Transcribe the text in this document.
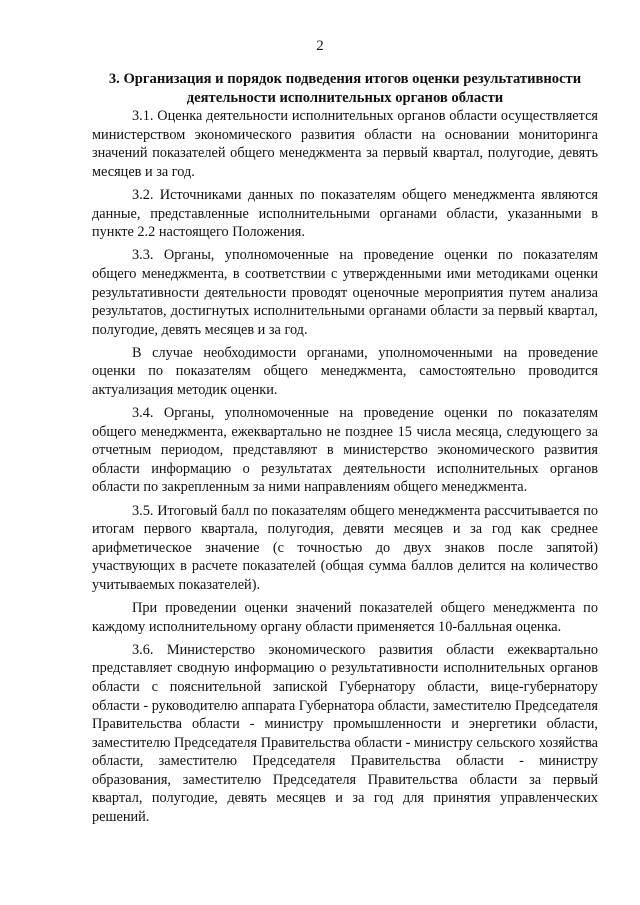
2
3. Организация и порядок подведения итогов оценки результативности деятельности исполнительных органов области

3.1. Оценка деятельности исполнительных органов области осуществляется министерством экономического развития области на основании мониторинга значений показателей общего менеджмента за первый квартал, полугодие, девять месяцев и за год.

3.2. Источниками данных по показателям общего менеджмента являются данные, представленные исполнительными органами области, указанными в пункте 2.2 настоящего Положения.

3.3. Органы, уполномоченные на проведение оценки по показателям общего менеджмента, в соответствии с утвержденными ими методиками оценки результативности деятельности проводят оценочные мероприятия путем анализа результатов, достигнутых исполнительными органами области за первый квартал, полугодие, девять месяцев и за год.

В случае необходимости органами, уполномоченными на проведение оценки по показателям общего менеджмента, самостоятельно проводится актуализация методик оценки.

3.4. Органы, уполномоченные на проведение оценки по показателям общего менеджмента, ежеквартально не позднее 15 числа месяца, следующего за отчетным периодом, представляют в министерство экономического развития области информацию о результатах деятельности исполнительных органов области по закрепленным за ними направлениям общего менеджмента.

3.5. Итоговый балл по показателям общего менеджмента рассчитывается по итогам первого квартала, полугодия, девяти месяцев и за год как среднее арифметическое значение (с точностью до двух знаков после запятой) участвующих в расчете показателей (общая сумма баллов делится на количество учитываемых показателей).

При проведении оценки значений показателей общего менеджмента по каждому исполнительному органу области применяется 10-балльная оценка.

3.6. Министерство экономического развития области ежеквартально представляет сводную информацию о результативности исполнительных органов области с пояснительной запиской Губернатору области, вице-губернатору области - руководителю аппарата Губернатора области, заместителю Председателя Правительства области - министру промышленности и энергетики области, заместителю Председателя Правительства области - министру сельского хозяйства области, заместителю Председателя Правительства области - министру образования, заместителю Председателя Правительства области за первый квартал, полугодие, девять месяцев и за год для принятия управленческих решений.
